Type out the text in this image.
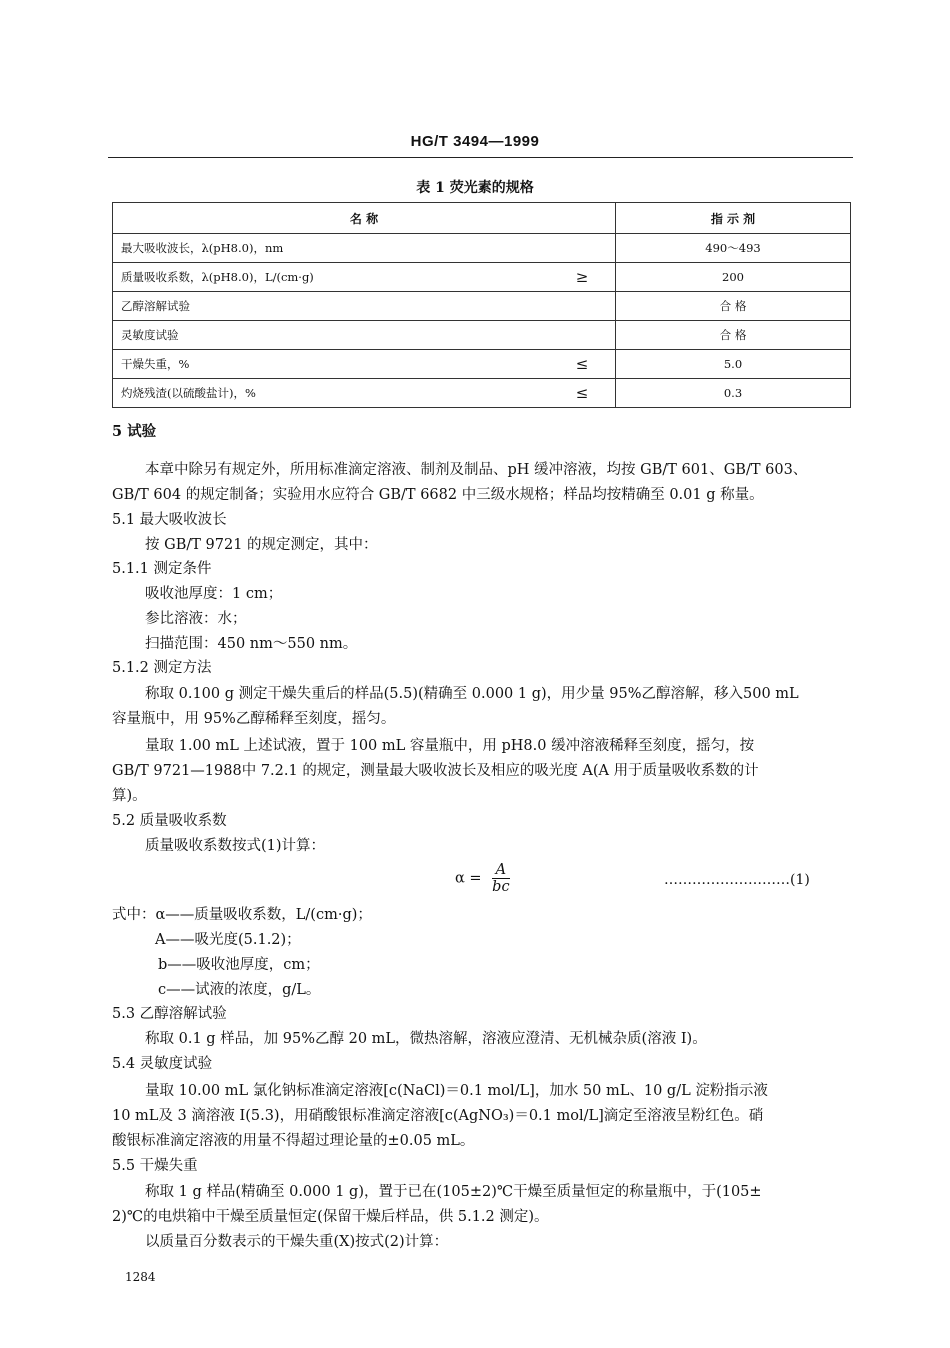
HG/T 3494—1999
表 1 荧光素的规格
名 称		指 示 剂
最大吸收波长，λ(pH8.0)，nm		490～493
质量吸收系数，λ(pH8.0)，L/(cm·g)	≥	200
乙醇溶解试验		合 格
灵敏度试验		合 格
干燥失重，%	≤	5.0
灼烧残渣(以硫酸盐计)，%	≤	0.3
5 试验
本章中除另有规定外，所用标准滴定溶液、制剂及制品、pH 缓冲溶液，均按 GB/T 601、GB/T 603、
GB/T 604 的规定制备；实验用水应符合 GB/T 6682 中三级水规格；样品均按精确至 0.01 g 称量。
5.1 最大吸收波长
按 GB/T 9721 的规定测定，其中：
5.1.1 测定条件
吸收池厚度：1 cm；
参比溶液：水；
扫描范围：450 nm～550 nm。
5.1.2 测定方法
称取 0.100 g 测定干燥失重后的样品(5.5)(精确至 0.000 1 g)，用少量 95%乙醇溶解，移入500 mL
容量瓶中，用 95%乙醇稀释至刻度，摇匀。
量取 1.00 mL 上述试液，置于 100 mL 容量瓶中，用 pH8.0 缓冲溶液稀释至刻度，摇匀，按
GB/T 9721—1988中 7.2.1 的规定，测量最大吸收波长及相应的吸光度 A(A 用于质量吸收系数的计
算)。
5.2 质量吸收系数
质量吸收系数按式(1)计算：
$\alpha = \frac{A}{bc}$	………………………(1)
式中：α——质量吸收系数，L/(cm·g)；
A——吸光度(5.1.2)；
b——吸收池厚度，cm；
c——试液的浓度，g/L。
5.3 乙醇溶解试验
称取 0.1 g 样品，加 95%乙醇 20 mL，微热溶解，溶液应澄清、无机械杂质(溶液 I)。
5.4 灵敏度试验
量取 10.00 mL 氯化钠标准滴定溶液[c(NaCl)＝0.1 mol/L]，加水 50 mL、10 g/L 淀粉指示液
10 mL及 3 滴溶液 I(5.3)，用硝酸银标准滴定溶液[c(AgNO₃)＝0.1 mol/L]滴定至溶液呈粉红色。硝
酸银标准滴定溶液的用量不得超过理论量的±0.05 mL。
5.5 干燥失重
称取 1 g 样品(精确至 0.000 1 g)，置于已在(105±2)℃干燥至质量恒定的称量瓶中，于(105±
2)℃的电烘箱中干燥至质量恒定(保留干燥后样品，供 5.1.2 测定)。
以质量百分数表示的干燥失重(X)按式(2)计算：
1284
